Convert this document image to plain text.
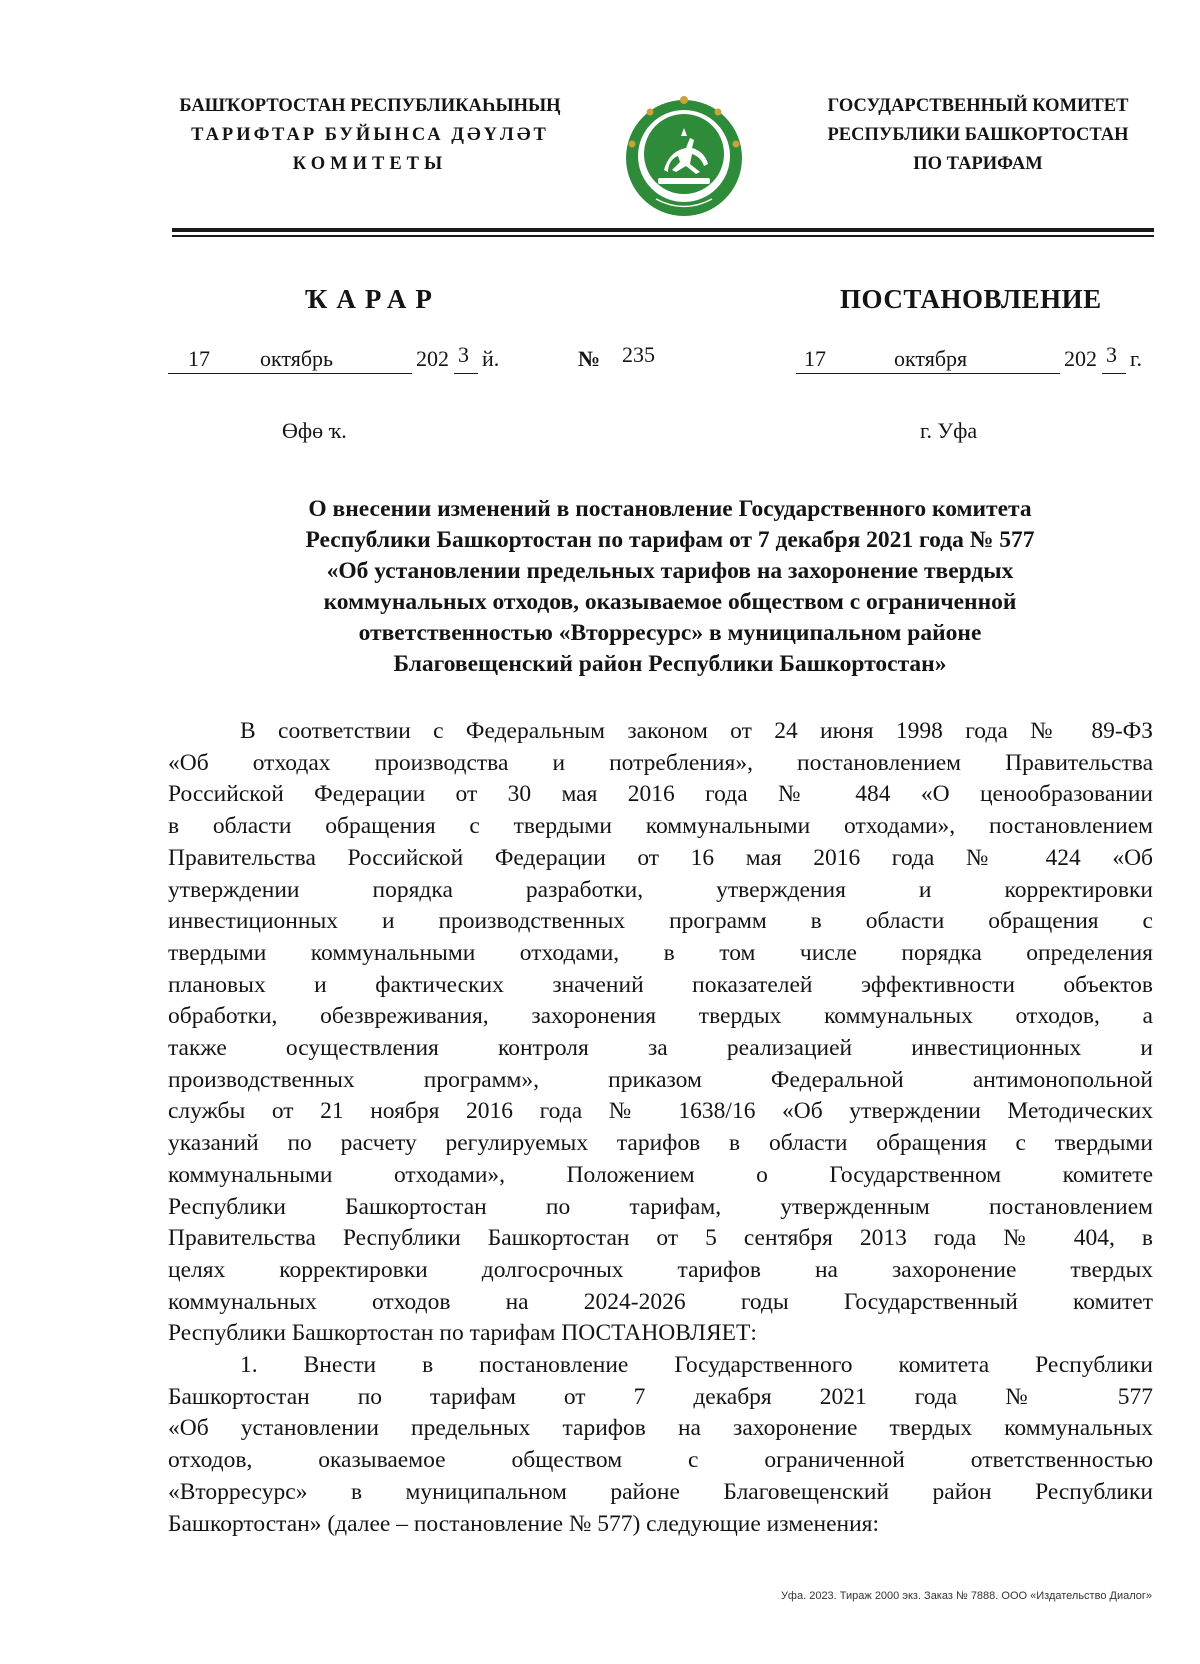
БАШҠОРТОСТАН РЕСПУБЛИКАҺЫНЫҢ
ТАРИФТАР БУЙЫНСА ДӘҮЛӘТ
КОМИТЕТЫ
ГОСУДАРСТВЕННЫЙ КОМИТЕТ
РЕСПУБЛИКИ БАШКОРТОСТАН
ПО ТАРИФАМ
ҠАРАР	ПОСТАНОВЛЕНИЕ
17 октябрь	202 3 й.	№ 235	17	октября	202 3 г.
Өфө ҡ.	г. Уфа
О внесении изменений в постановление Государственного комитета
Республики Башкортостан по тарифам от 7 декабря 2021 года № 577
«Об установлении предельных тарифов на захоронение твердых
коммунальных отходов, оказываемое обществом с ограниченной
ответственностью «Вторресурс» в муниципальном районе
Благовещенский район Республики Башкортостан»
В соответствии с Федеральным законом от 24 июня 1998 года № 89-ФЗ
«Об отходах производства и потребления», постановлением Правительства
Российской Федерации от 30 мая 2016 года № 484 «О ценообразовании
в области обращения с твердыми коммунальными отходами», постановлением
Правительства Российской Федерации от 16 мая 2016 года № 424 «Об
утверждении порядка разработки, утверждения и корректировки
инвестиционных и производственных программ в области обращения с
твердыми коммунальными отходами, в том числе порядка определения
плановых и фактических значений показателей эффективности объектов
обработки, обезвреживания, захоронения твердых коммунальных отходов, а
также осуществления контроля за реализацией инвестиционных и
производственных программ», приказом Федеральной антимонопольной
службы от 21 ноября 2016 года № 1638/16 «Об утверждении Методических
указаний по расчету регулируемых тарифов в области обращения с твердыми
коммунальными отходами», Положением о Государственном комитете
Республики Башкортостан по тарифам, утвержденным постановлением
Правительства Республики Башкортостан от 5 сентября 2013 года № 404, в
целях корректировки долгосрочных тарифов на захоронение твердых
коммунальных отходов на 2024-2026 годы Государственный комитет
Республики Башкортостан по тарифам ПОСТАНОВЛЯЕТ:
1. Внести в постановление Государственного комитета Республики
Башкортостан по тарифам от 7 декабря 2021 года № 577
«Об установлении предельных тарифов на захоронение твердых коммунальных
отходов, оказываемое обществом с ограниченной ответственностью
«Вторресурс» в муниципальном районе Благовещенский район Республики
Башкортостан» (далее – постановление № 577) следующие изменения:
Уфа. 2023. Тираж 2000 экз. Заказ № 7888. ООО «Издательство Диалог»
